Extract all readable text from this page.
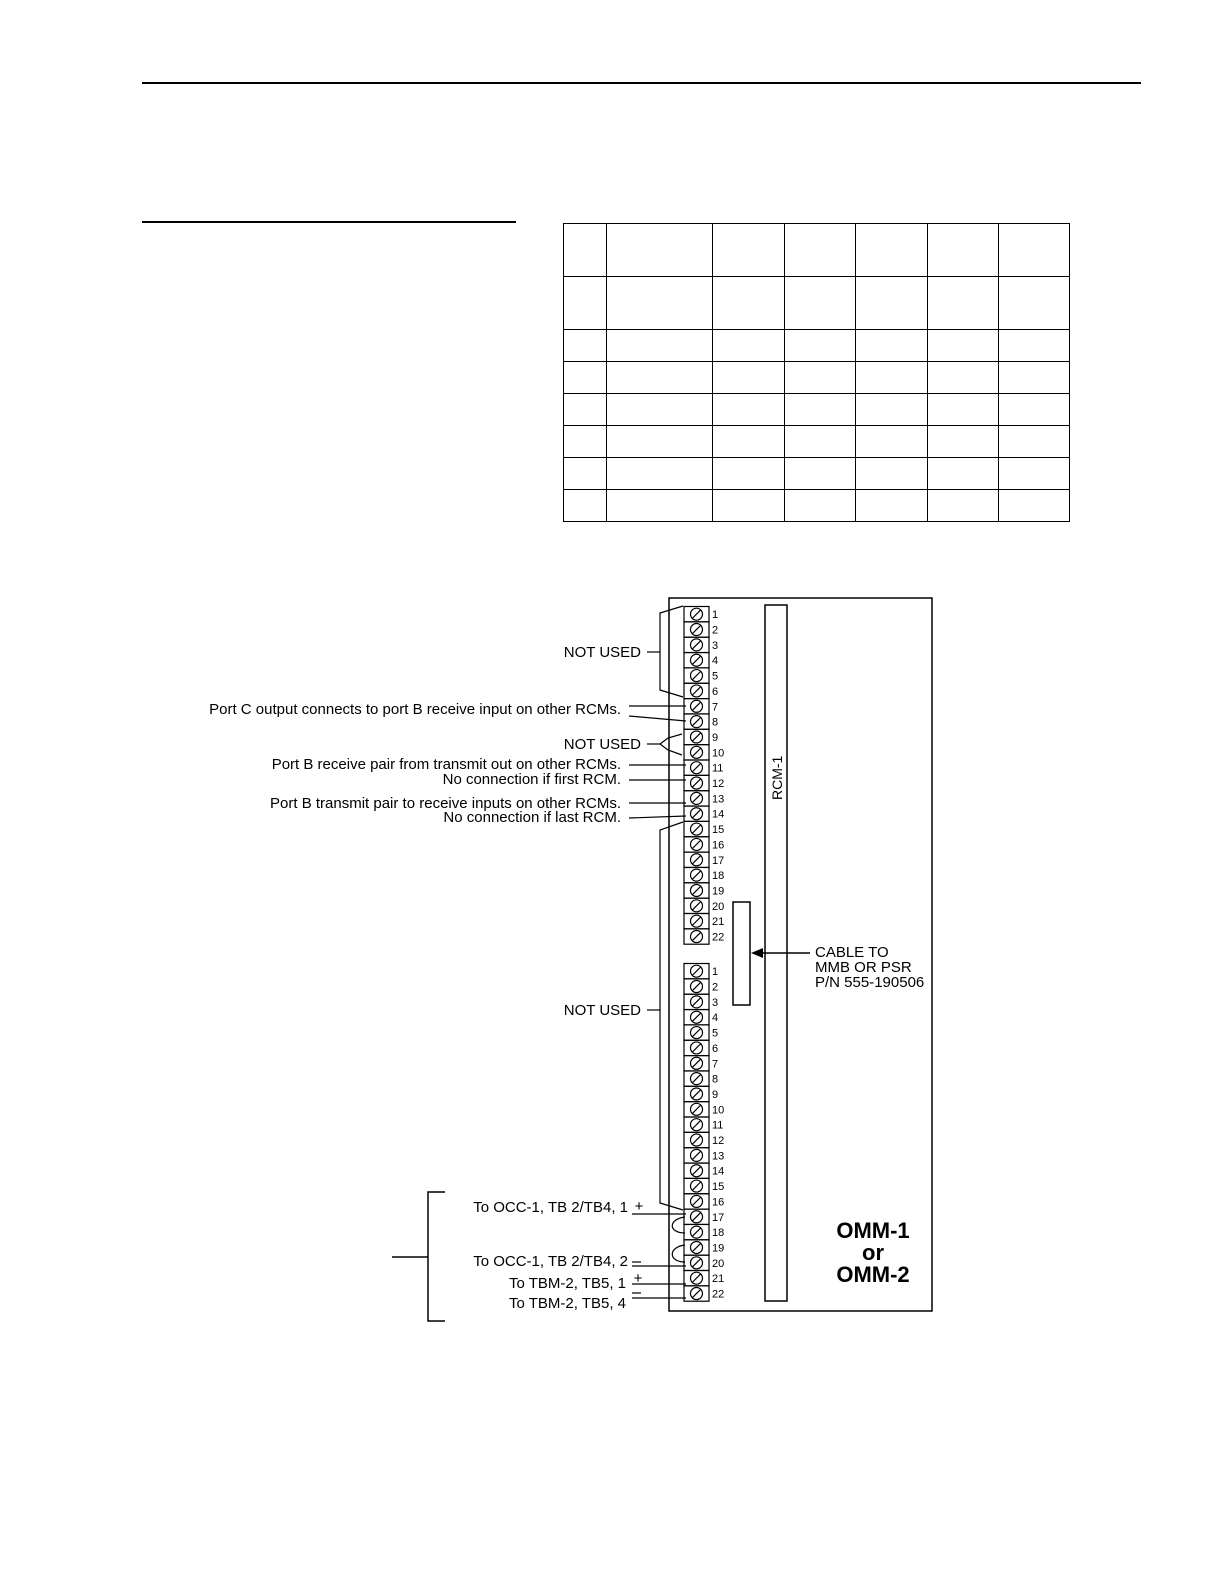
RCM-1
1
2
3
4
5
6
7
8
9
10
11
12
13
14
15
16
17
18
19
20
21
22
1
2
3
4
5
6
7
8
9
10
11
12
13
14
15
16
17
18
19
20
21
22
CABLE TO
MMB OR PSR
P/N 555-190506
OMM-1
or
OMM-2
NOT USED
Port C output connects to port B receive input on other RCMs.
NOT USED
Port B receive pair from transmit out on other RCMs.
No connection if first RCM.
Port B transmit pair to receive inputs on other RCMs.
No connection if last RCM.
NOT USED
To OCC-1, TB 2/TB4, 1 +
To OCC-1, TB 2/TB4, 2
To TBM-2, TB5, 1 +
To TBM-2, TB5, 4
